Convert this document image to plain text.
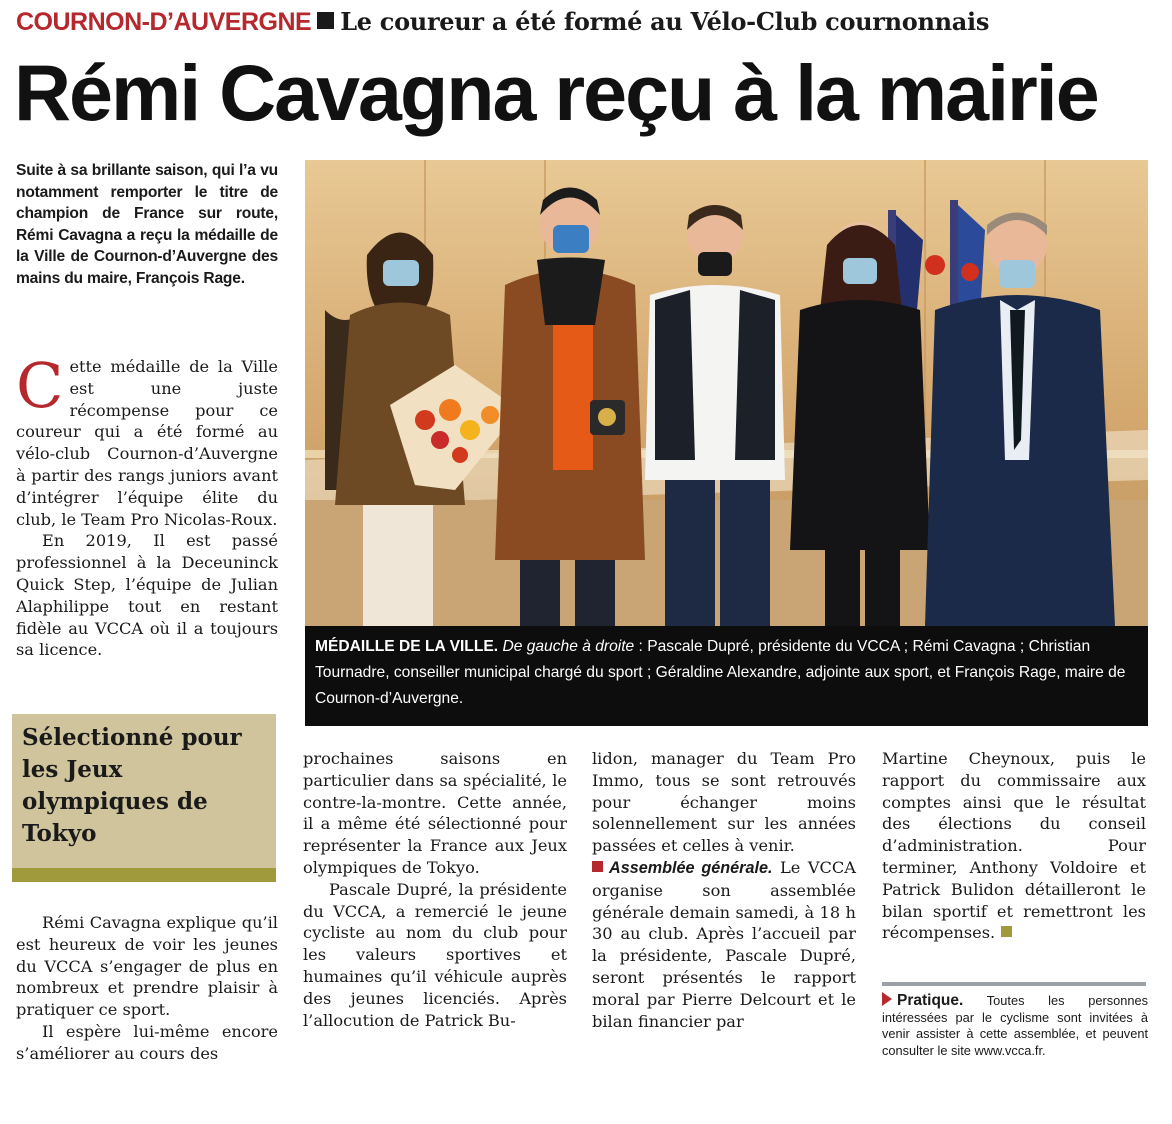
COURNON-D’AUVERGNE Le coureur a été formé au Vélo-Club cournonnais
Rémi Cavagna reçu à la mairie
Suite à sa brillante saison, qui l’a vu notamment remporter le titre de champion de France sur route, Rémi Cavagna a reçu la médaille de la Ville de Cournon-d’Auvergne des mains du maire, François Rage.
C ette médaille de la Ville est une juste récompense pour ce coureur qui a été formé au vélo-club Cournon-d’Auvergne à partir des rangs juniors avant d’intégrer l’équipe élite du club, le Team Pro Nicolas-Roux.

En 2019, Il est passé professionnel à la Deceuninck Quick Step, l’équipe de Julian Alaphilippe tout en restant fidèle au VCCA où il a toujours sa licence.	MÉDAILLE DE LA VILLE. De gauche à droite : Pascale Dupré, présidente du VCCA ; Rémi Cavagna ; Christian Tournadre, conseiller municipal chargé du sport ; Géraldine Alexandre, adjointe aux sport, et François Rage, maire de Cournon-d’Auvergne.
Sélectionné pour les Jeux olympiques de Tokyo

Rémi Cavagna explique qu’il est heureux de voir les jeunes du VCCA s’engager de plus en nombreux et prendre plaisir à pratiquer ce sport.

Il espère lui-même encore s’améliorer au cours des

prochaines saisons en particulier dans sa spécialité, le contre-la-montre. Cette année, il a même été sélectionné pour représenter la France aux Jeux olympiques de Tokyo.

Pascale Dupré, la présidente du VCCA, a remercié le jeune cycliste au nom du club pour les valeurs sportives et humaines qu’il véhicule auprès des jeunes licenciés. Après l’allocution de Patrick Bu-

lidon, manager du Team Pro Immo, tous se sont retrouvés pour échanger moins solennellement sur les années passées et celles à venir.

Assemblée générale. Le VCCA organise son assemblée générale demain samedi, à 18 h 30 au club. Après l’accueil par la présidente, Pascale Dupré, seront présentés le rapport moral par Pierre Delcourt et le bilan financier par

Martine Cheynoux, puis le rapport du commissaire aux comptes ainsi que le résultat des élections du conseil d’administration. Pour terminer, Anthony Voldoire et Patrick Bulidon détailleront le bilan sportif et remettront les récompenses.

Pratique. Toutes les personnes intéressées par le cyclisme sont invitées à venir assister à cette assemblée, et peuvent consulter le site www.vcca.fr.
